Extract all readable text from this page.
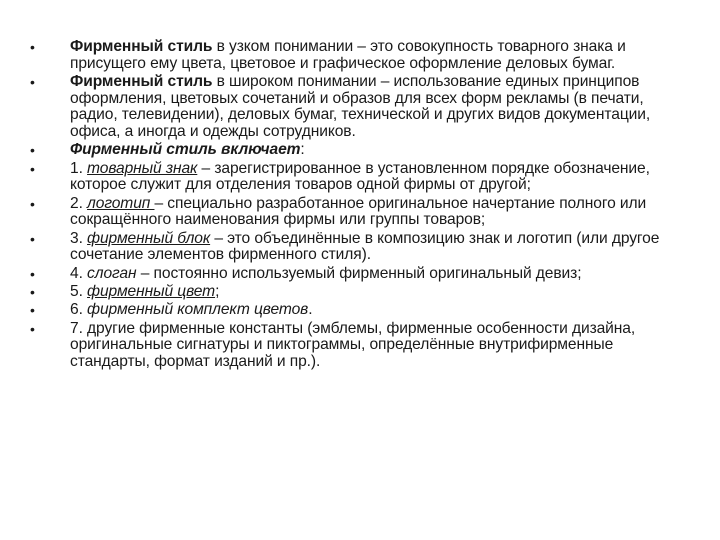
• Фирменный стиль в узком понимании – это совокупность товарного знака и присущего ему цвета, цветовое и графическое оформление деловых бумаг.
• Фирменный стиль в широком понимании – использование единых принципов оформления, цветовых сочетаний и образов для всех форм рекламы (в печати, радио, телевидении), деловых бумаг, технической и других видов документации, офиса, а иногда и одежды сотрудников.
• Фирменный стиль включает:
• 1. товарный знак – зарегистрированное в установленном порядке обозначение, которое служит для отделения товаров одной фирмы от другой;
• 2. логотип – специально разработанное оригинальное начертание полного или сокращённого наименования фирмы или группы товаров;
• 3. фирменный блок – это объединённые в композицию знак и логотип (или другое сочетание элементов фирменного стиля).
• 4. слоган – постоянно используемый фирменный оригинальный девиз;
• 5. фирменный цвет;
• 6. фирменный комплект цветов.
• 7. другие фирменные константы (эмблемы, фирменные особенности дизайна, оригинальные сигнатуры и пиктограммы, определённые внутрифирменные стандарты, формат изданий и пр.).
